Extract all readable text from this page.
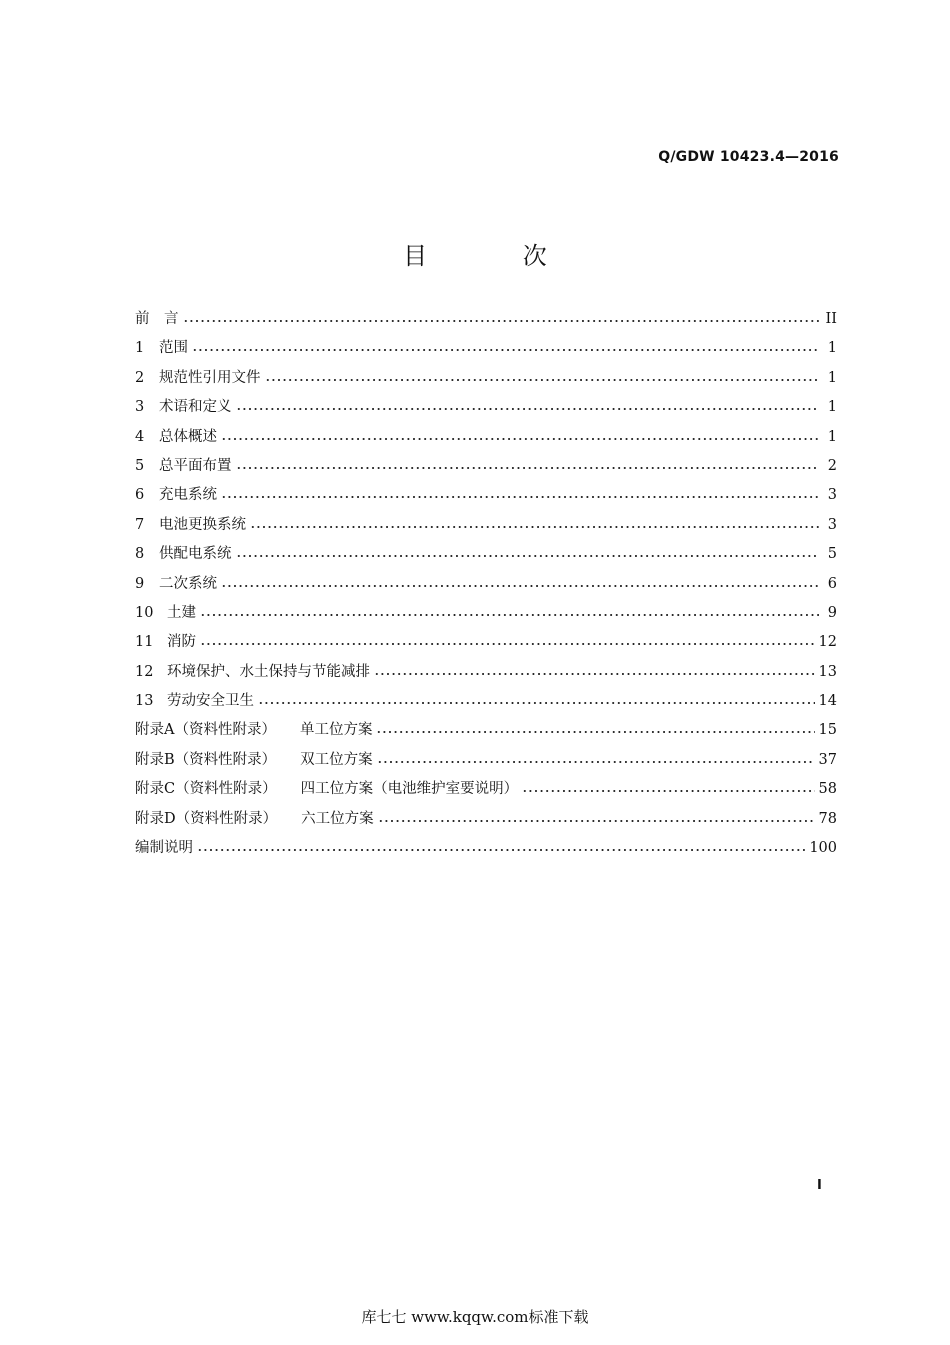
Q/GDW 10423.4—2016
目 次
前　言	II
1	范围	1
2	规范性引用文件	1
3	术语和定义	1
4	总体概述	1
5	总平面布置	2
6	充电系统	3
7	电池更换系统	3
8	供配电系统	5
9	二次系统	6
10 土建	9
11 消防	12
12 环境保护、水土保持与节能减排	13
13 劳动安全卫生	14
附录A（资料性附录） 单工位方案	15
附录B（资料性附录） 双工位方案	37
附录C（资料性附录） 四工位方案（电池维护室要说明）	58
附录D（资料性附录） 六工位方案	78
编制说明	100
I
库七七 www.kqqw.com标准下载
